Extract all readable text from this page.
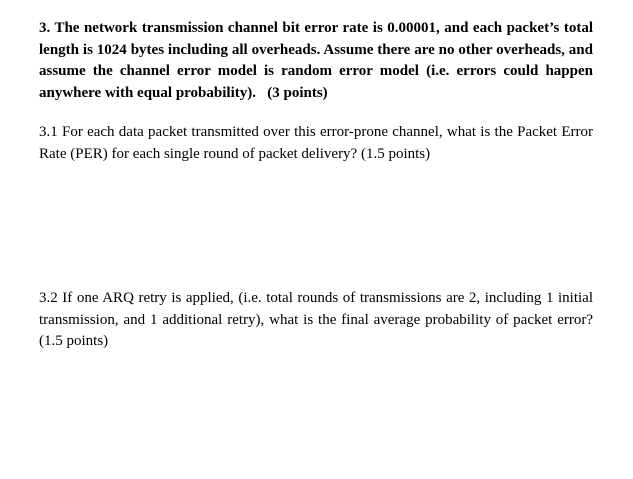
3. The network transmission channel bit error rate is 0.00001, and each packet’s total
length is 1024 bytes including all overheads. Assume there are no other overheads, and
assume the channel error model is random error model (i.e. errors could happen
anywhere with equal probability). (3 points)
3.1 For each data packet transmitted over this error-prone channel, what is the Packet Error
Rate (PER) for each single round of packet delivery? (1.5 points)
3.2 If one ARQ retry is applied, (i.e. total rounds of transmissions are 2, including 1 initial
transmission, and 1 additional retry), what is the final average probability of packet error?
(1.5 points)
